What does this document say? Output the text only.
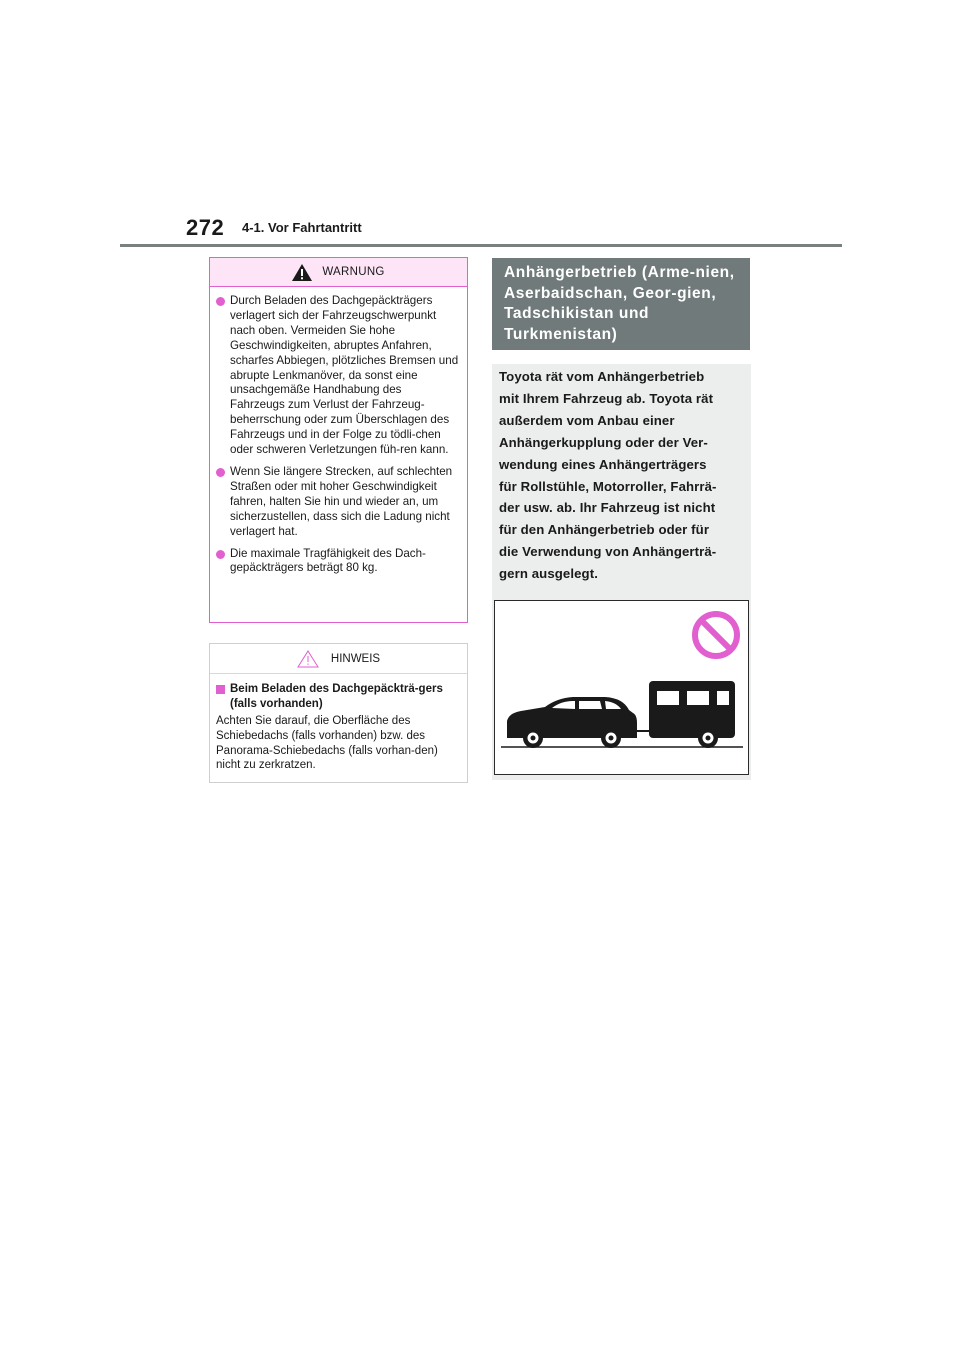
272 4-1. Vor Fahrtantritt
WARNUNG
Durch Beladen des Dachgepäckträgers verlagert sich der Fahrzeugschwerpunkt nach oben. Vermeiden Sie hohe Geschwindigkeiten, abruptes Anfahren, scharfes Abbiegen, plötzliches Bremsen und abrupte Lenkmanöver, da sonst eine unsachgemäße Handhabung des Fahrzeugs zum Verlust der Fahrzeug-beherrschung oder zum Überschlagen des Fahrzeugs und in der Folge zu tödli-chen oder schweren Verletzungen füh-ren kann.
Wenn Sie längere Strecken, auf schlechten Straßen oder mit hoher Geschwindigkeit fahren, halten Sie hin und wieder an, um sicherzustellen, dass sich die Ladung nicht verlagert hat.
Die maximale Tragfähigkeit des Dach-gepäckträgers beträgt 80 kg.
HINWEIS
Beim Beladen des Dachgepäckträ-gers (falls vorhanden)
Achten Sie darauf, die Oberfläche des Schiebedachs (falls vorhanden) bzw. des Panorama-Schiebedachs (falls vorhan-den) nicht zu zerkratzen.
Anhängerbetrieb (Arme-nien, Aserbaidschan, Geor-gien, Tadschikistan und Turkmenistan)
Toyota rät vom Anhängerbetrieb
mit Ihrem Fahrzeug ab. Toyota rät
außerdem vom Anbau einer
Anhängerkupplung oder der Ver-
wendung eines Anhängerträgers
für Rollstühle, Motorroller, Fahrrä-
der usw. ab. Ihr Fahrzeug ist nicht
für den Anhängerbetrieb oder für
die Verwendung von Anhängerträ-
gern ausgelegt.
